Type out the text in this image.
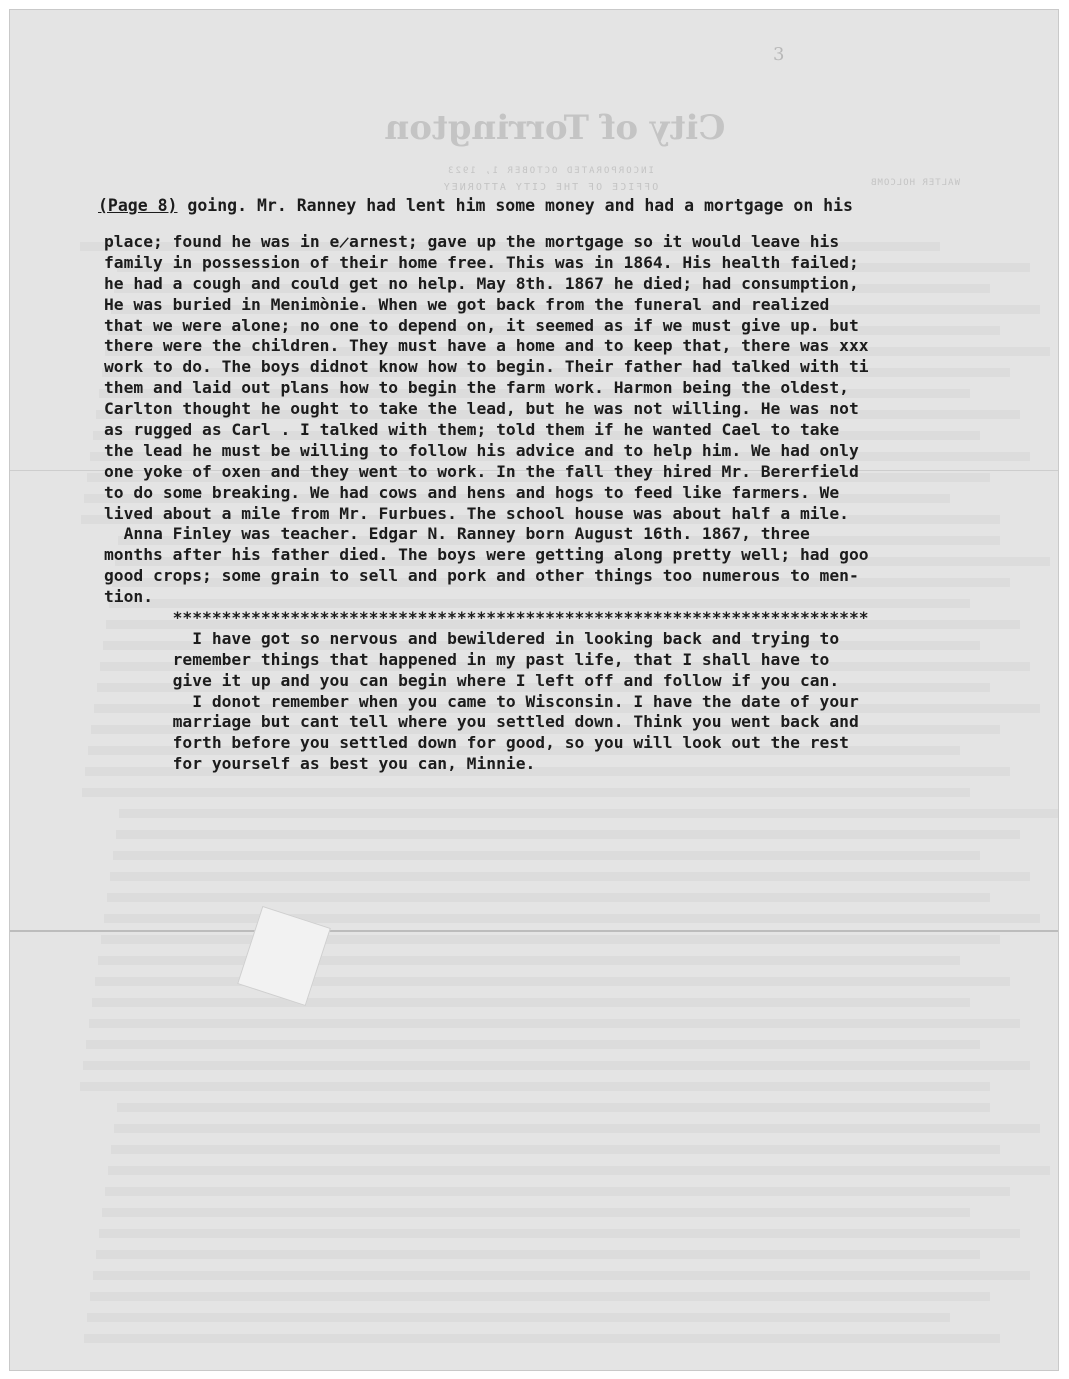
3
City of Torrington
INCORPORATED OCTOBER 1, 1923
OFFICE OF THE CITY ATTORNEY	WALTER HOLCOMB
(Page 8) going. Mr. Ranney had lent him some money and had a mortgage on his
place; found he was in e̷arnest; gave up the mortgage so it would leave his
family in possession of their home free. This was in 1864. His health failed;
he had a cough and could get no help. May 8th. 1867 he died; had consumption,
He was buried in Menimònie. When we got back from the funeral and realized
that we were alone; no one to depend on, it seemed as if we must give up. but
there were the children. They must have a home and to keep that, there was xxx
work to do. The boys didnot know how to begin. Their father had talked with ti
them and laid out plans how to begin the farm work. Harmon being the oldest,
Carlton thought he ought to take the lead, but he was not willing. He was not
as rugged as Carl . I talked with them; told them if he wanted Cael to take
the lead he must be willing to follow his advice and to help him. We had only
one yoke of oxen and they went to work. In the fall they hired Mr. Bererfield
to do some breaking. We had cows and hens and hogs to feed like farmers. We
lived about a mile from Mr. Furbues. The school house was about half a mile.
Anna Finley was teacher. Edgar N. Ranney born August 16th. 1867, three
months after his father died. The boys were getting along pretty well; had goo
good crops; some grain to sell and pork and other things too numerous to men-
tion.
***********************************************************************
I have got so nervous and bewildered in looking back and trying to
remember things that happened in my past life, that I shall have to
give it up and you can begin where I left off and follow if you can.
I donot remember when you came to Wisconsin. I have the date of your
marriage but cant tell where you settled down. Think you went back and
forth before you settled down for good, so you will look out the rest
for yourself as best you can, Minnie.
